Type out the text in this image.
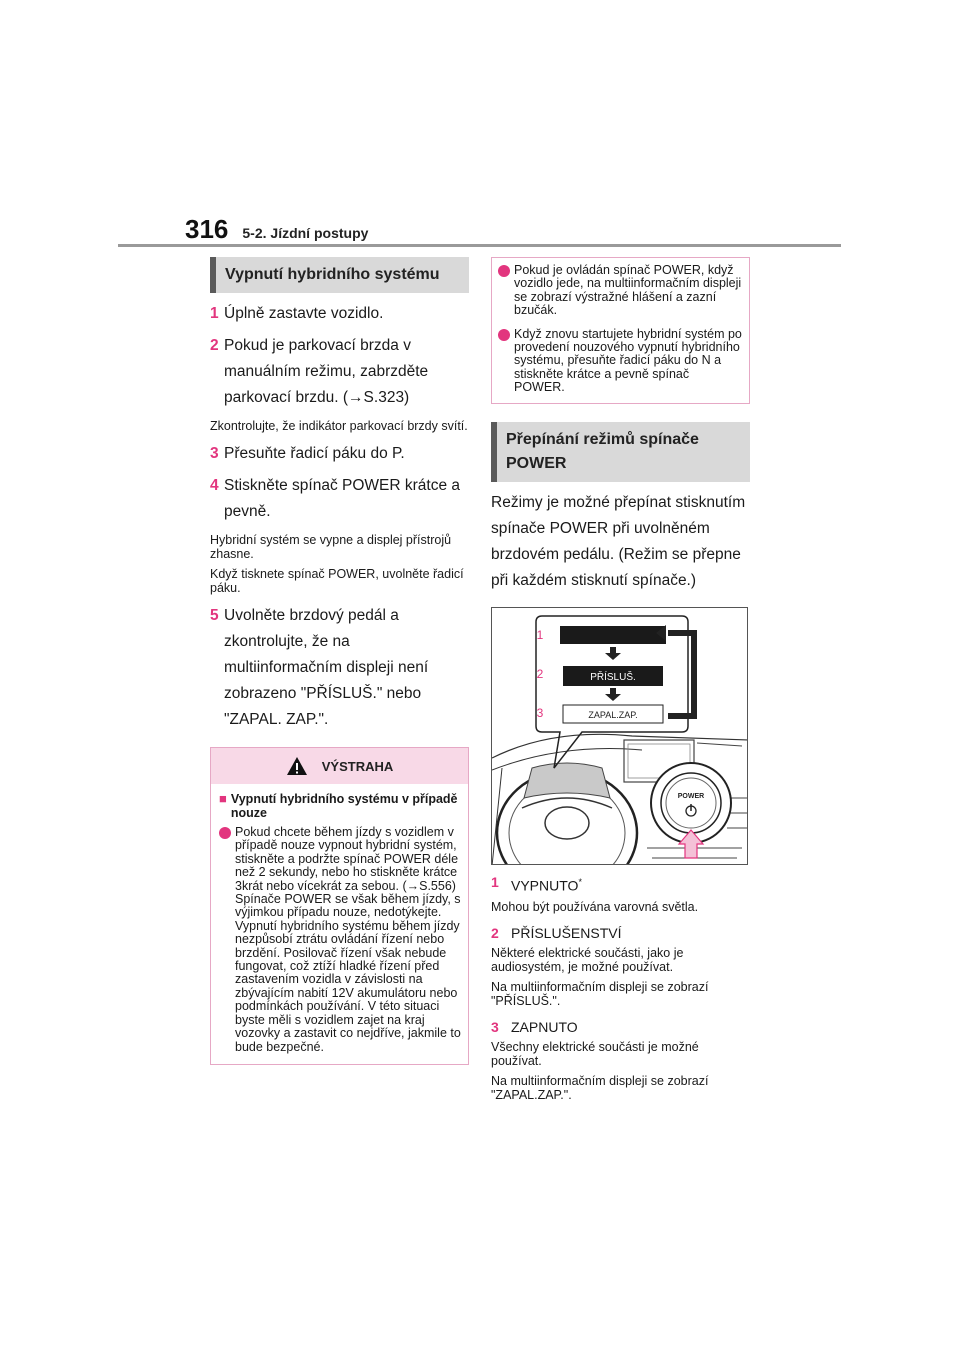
316 5-2. Jízdní postupy
Vypnutí hybridního systému
1 Úplně zastavte vozidlo.
2 Pokud je parkovací brzda v manuálním režimu, zabrzděte parkovací brzdu. (→S.323)
Zkontrolujte, že indikátor parkovací brzdy svítí.
3 Přesuňte řadicí páku do P.
4 Stiskněte spínač POWER krátce a pevně.
Hybridní systém se vypne a displej přístrojů zhasne.
Když tisknete spínač POWER, uvolněte řadicí páku.
5 Uvolněte brzdový pedál a zkontrolujte, že na multiinformačním displeji není zobrazeno "PŘÍSLUŠ." nebo "ZAPAL. ZAP.".
VÝSTRAHA
■ Vypnutí hybridního systému v případě nouze
Pokud chcete během jízdy s vozidlem v případě nouze vypnout hybridní systém, stiskněte a podržte spínač POWER déle než 2 sekundy, nebo ho stiskněte krátce 3krát nebo vícekrát za sebou. (→S.556) Spínače POWER se však během jízdy, s výjimkou případu nouze, nedotýkejte. Vypnutí hybridního systému během jízdy nezpůsobí ztrátu ovládání řízení nebo brzdění. Posilovač řízení však nebude fungovat, což ztíží hladké řízení před zastavením vozidla v závislosti na zbývajícím nabití 12V akumulátoru nebo podmínkách používání. V této situaci byste měli s vozidlem zajet na kraj vozovky a zastavit co nejdříve, jakmile to bude bezpečné.
Pokud je ovládán spínač POWER, když vozidlo jede, na multiinformačním displeji se zobrazí výstražné hlášení a zazní bzučák.
Když znovu startujete hybridní systém po provedení nouzového vypnutí hybridního systému, přesuňte řadicí páku do N a stiskněte krátce a pevně spínač POWER.
Přepínání režimů spínače POWER
Režimy je možné přepínat stisknutím spínače POWER při uvolněném brzdovém pedálu. (Režim se přepne při každém stisknutí spínače.)
PŘÍSLUŠ.
ZAPAL.ZAP.
1
2
3
POWER
1 VYPNUTO*
Mohou být používána varovná světla.
2 PŘÍSLUŠENSTVÍ
Některé elektrické součásti, jako je audiosystém, je možné používat.
Na multiinformačním displeji se zobrazí "PŘÍSLUŠ.".
3 ZAPNUTO
Všechny elektrické součásti je možné používat.
Na multiinformačním displeji se zobrazí "ZAPAL.ZAP.".
